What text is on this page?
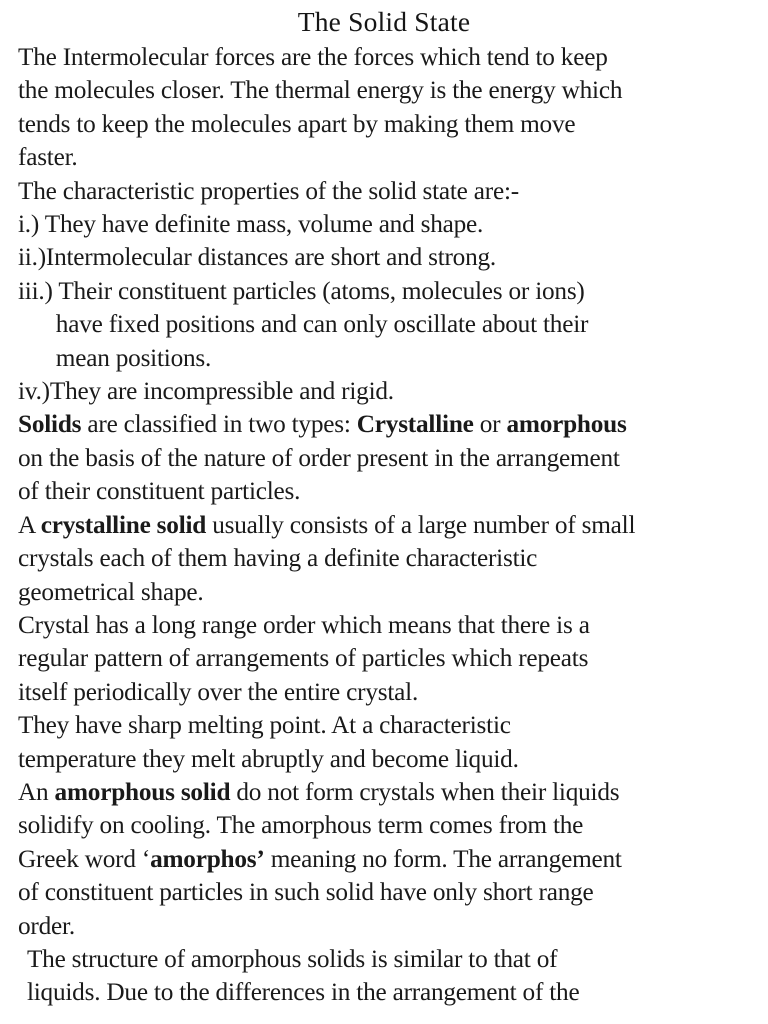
The Solid State
The Intermolecular forces are the forces which tend to keep
the molecules closer. The thermal energy is the energy which
tends to keep the molecules apart by making them move
faster.
The characteristic properties of the solid state are:-
i.) They have definite mass, volume and shape.
ii.)Intermolecular distances are short and strong.
iii.) Their constituent particles (atoms, molecules or ions)
have fixed positions and can only oscillate about their
mean positions.
iv.)They are incompressible and rigid.
Solids are classified in two types: Crystalline or amorphous
on the basis of the nature of order present in the arrangement
of their constituent particles.
A crystalline solid usually consists of a large number of small
crystals each of them having a definite characteristic
geometrical shape.
Crystal has a long range order which means that there is a
regular pattern of arrangements of particles which repeats
itself periodically over the entire crystal.
They have sharp melting point. At a characteristic
temperature they melt abruptly and become liquid.
An amorphous solid do not form crystals when their liquids
solidify on cooling. The amorphous term comes from the
Greek word ‘amorphos’ meaning no form. The arrangement
of constituent particles in such solid have only short range
order.
The structure of amorphous solids is similar to that of
liquids. Due to the differences in the arrangement of the
